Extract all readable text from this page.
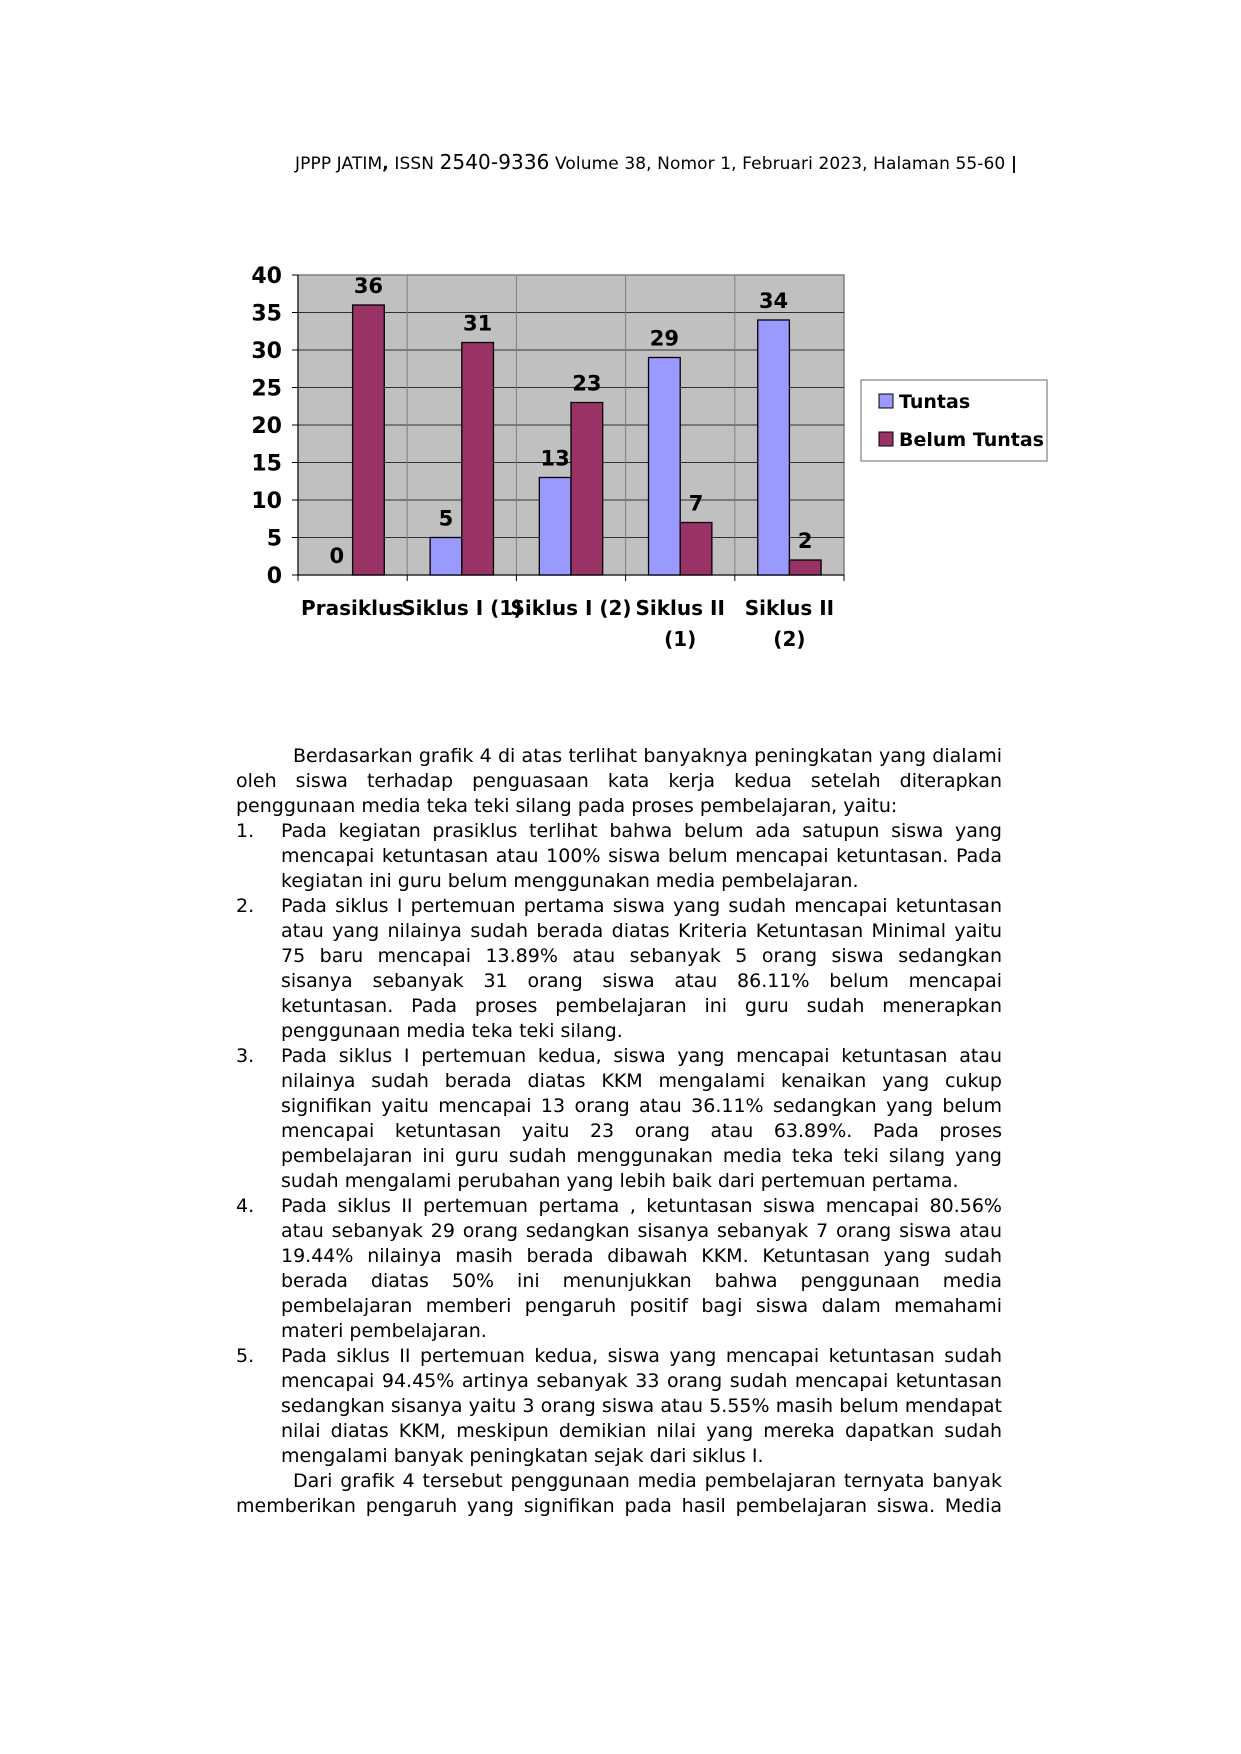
JPPP JATIM, ISSN 2540-9336 Volume 38, Nomor 1, Februari 2023, Halaman 55-60 |
0
5
10
15
20
25
30
35
40
0
5
13
29
34
36
31
23
7
2
Prasiklus
Siklus I (1)
Siklus I (2) Siklus II
(1)
Siklus II
(2)
Tuntas
Belum Tuntas

Berdasarkan grafik 4 di atas terlihat banyaknya peningkatan yang dialami oleh siswa terhadap penguasaan kata kerja kedua setelah diterapkan penggunaan media teka teki silang pada proses pembelajaran, yaitu:

1. Pada kegiatan prasiklus terlihat bahwa belum ada satupun siswa yang mencapai ketuntasan atau 100% siswa belum mencapai ketuntasan. Pada kegiatan ini guru belum menggunakan media pembelajaran.
2. Pada siklus I pertemuan pertama siswa yang sudah mencapai ketuntasan atau yang nilainya sudah berada diatas Kriteria Ketuntasan Minimal yaitu 75 baru mencapai 13.89% atau sebanyak 5 orang siswa sedangkan sisanya sebanyak 31 orang siswa atau 86.11% belum mencapai ketuntasan. Pada proses pembelajaran ini guru sudah menerapkan penggunaan media teka teki silang.
3. Pada siklus I pertemuan kedua, siswa yang mencapai ketuntasan atau nilainya sudah berada diatas KKM mengalami kenaikan yang cukup signifikan yaitu mencapai 13 orang atau 36.11% sedangkan yang belum mencapai ketuntasan yaitu 23 orang atau 63.89%. Pada proses pembelajaran ini guru sudah menggunakan media teka teki silang yang sudah mengalami perubahan yang lebih baik dari pertemuan pertama.
4. Pada siklus II pertemuan pertama , ketuntasan siswa mencapai 80.56% atau sebanyak 29 orang sedangkan sisanya sebanyak 7 orang siswa atau 19.44% nilainya masih berada dibawah KKM. Ketuntasan yang sudah berada diatas 50% ini menunjukkan bahwa penggunaan media pembelajaran memberi pengaruh positif bagi siswa dalam memahami materi pembelajaran.
5. Pada siklus II pertemuan kedua, siswa yang mencapai ketuntasan sudah mencapai 94.45% artinya sebanyak 33 orang sudah mencapai ketuntasan sedangkan sisanya yaitu 3 orang siswa atau 5.55% masih belum mendapat nilai diatas KKM, meskipun demikian nilai yang mereka dapatkan sudah mengalami banyak peningkatan sejak dari siklus I.

Dari grafik 4 tersebut penggunaan media pembelajaran ternyata banyak memberikan pengaruh yang signifikan pada hasil pembelajaran siswa. Media
